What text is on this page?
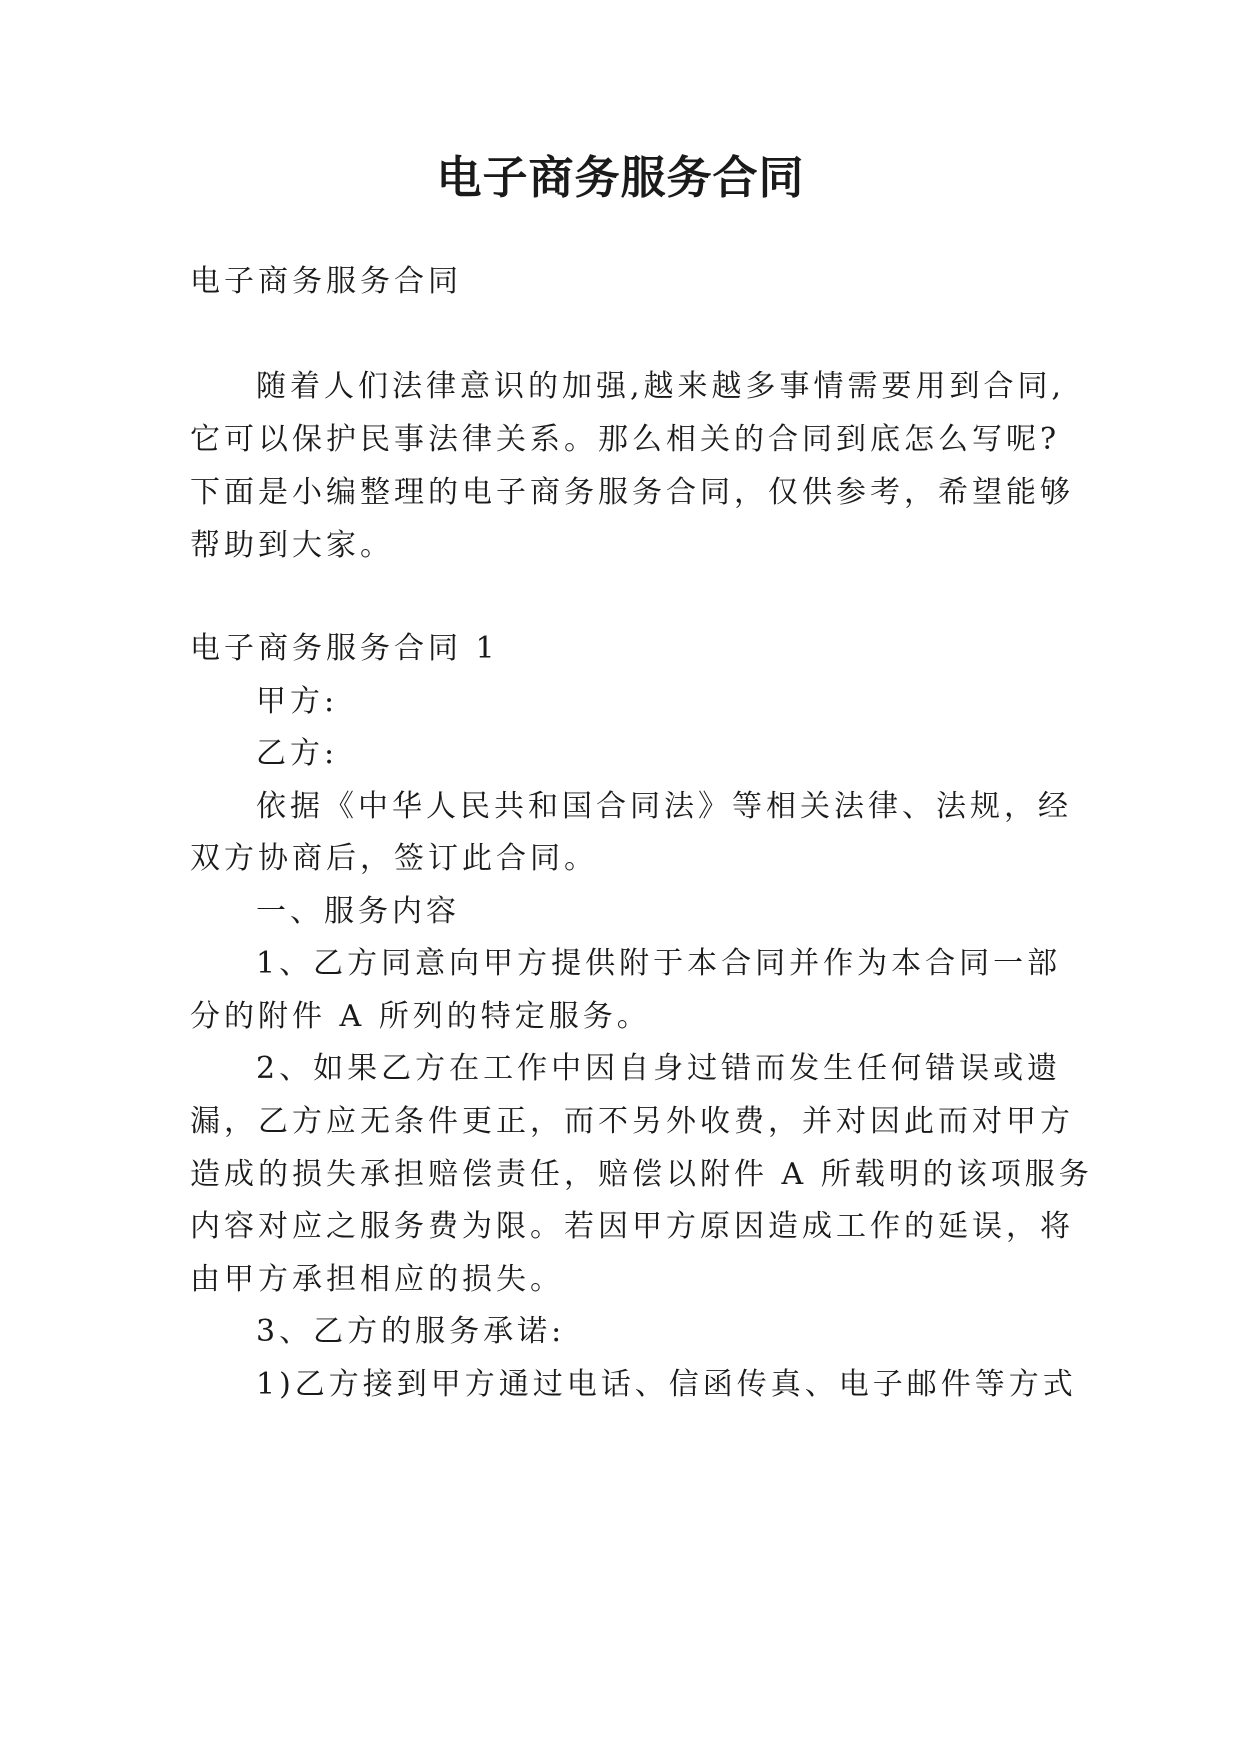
电子商务服务合同

电子商务服务合同

随着人们法律意识的加强,越来越多事情需要用到合同,

它可以保护民事法律关系。那么相关的合同到底怎么写呢?

下面是小编整理的电子商务服务合同，仅供参考，希望能够

帮助到大家。

电子商务服务合同 1

甲方:

乙方:

依据《中华人民共和国合同法》等相关法律、法规，经

双方协商后，签订此合同。

一、服务内容

1、乙方同意向甲方提供附于本合同并作为本合同一部

分的附件 A 所列的特定服务。

2、如果乙方在工作中因自身过错而发生任何错误或遗

漏，乙方应无条件更正，而不另外收费，并对因此而对甲方

造成的损失承担赔偿责任，赔偿以附件 A 所载明的该项服务

内容对应之服务费为限。若因甲方原因造成工作的延误，将

由甲方承担相应的损失。

3、乙方的服务承诺:

1)乙方接到甲方通过电话、信函传真、电子邮件等方式
